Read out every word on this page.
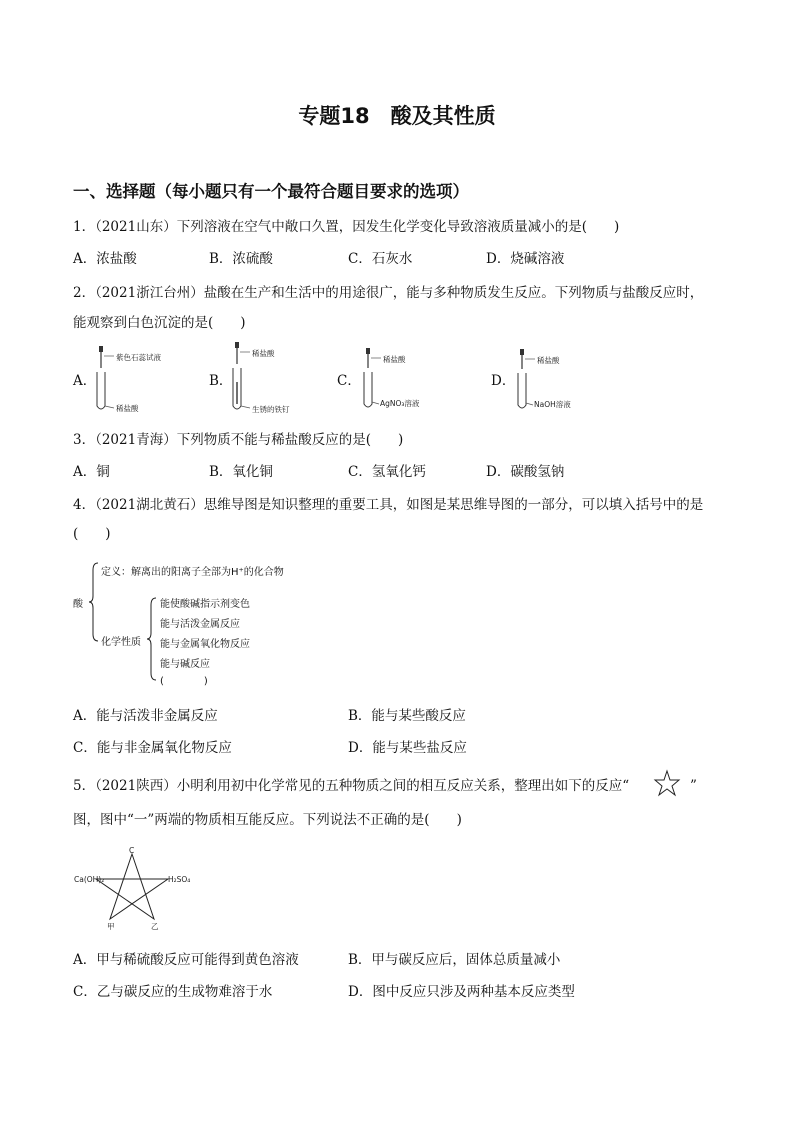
专题18　酸及其性质
一、选择题（每小题只有一个最符合题目要求的选项）
1．（2021山东）下列溶液在空气中敞口久置，因发生化学变化导致溶液质量减小的是(　　)
A．浓盐酸	B．浓硫酸	C．石灰水	D．烧碱溶液
2．（2021浙江台州）盐酸在生产和生活中的用途很广，能与多种物质发生反应。下列物质与盐酸反应时，
能观察到白色沉淀的是(　　)
A．	B．	C．	D．
紫色石蕊试液
稀盐酸
稀盐酸
生锈的铁钉
稀盐酸
AgNO₃溶液
稀盐酸
NaOH溶液
3．（2021青海）下列物质不能与稀盐酸反应的是(　　)
A．铜	B．氧化铜	C．氢氧化钙	D．碳酸氢钠
4．（2021湖北黄石）思维导图是知识整理的重要工具，如图是某思维导图的一部分，可以填入括号中的是
(　　)
酸
定义：解离出的阳离子全部为H⁺的化合物
化学性质
能使酸碱指示剂变色
能与活泼金属反应
能与金属氧化物反应
能与碱反应
(　　　　)
A．能与活泼非金属反应	B．能与某些酸反应
C．能与非金属氧化物反应	D．能与某些盐反应
5．（2021陕西）小明利用初中化学常见的五种物质之间的相互反应关系，整理出如下的反应“	”
图，图中“一”两端的物质相互能反应。下列说法不正确的是(　　)
C
Ca(OH)₂	H₂SO₄
甲	乙
A．甲与稀硫酸反应可能得到黄色溶液	B．甲与碳反应后，固体总质量减小
C．乙与碳反应的生成物难溶于水	D．图中反应只涉及两种基本反应类型
